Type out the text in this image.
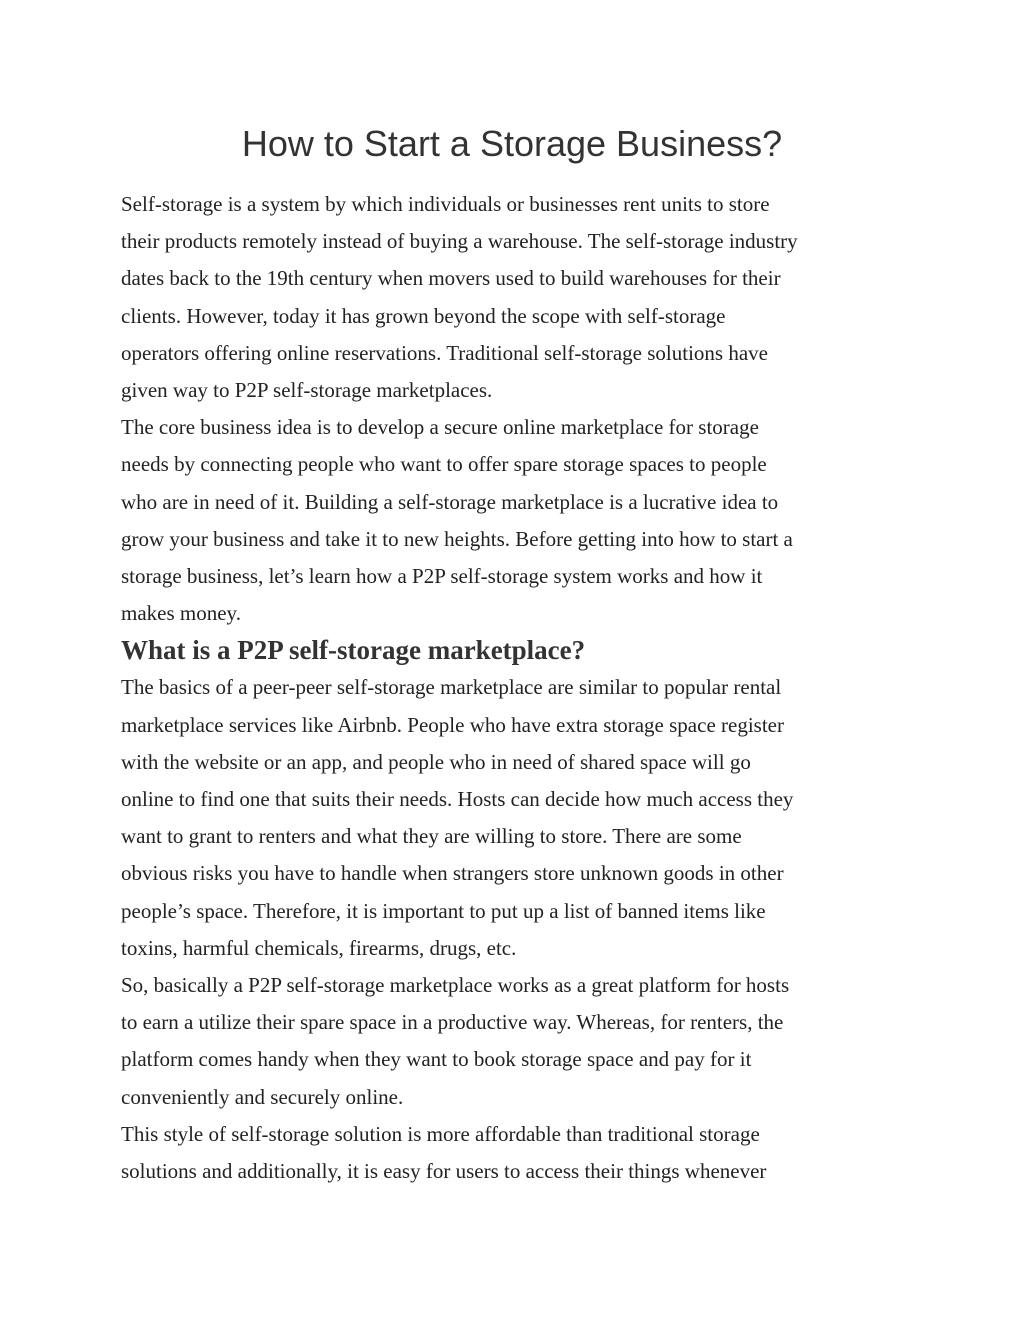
How to Start a Storage Business?
Self-storage is a system by which individuals or businesses rent units to store
their products remotely instead of buying a warehouse. The self-storage industry
dates back to the 19th century when movers used to build warehouses for their
clients. However, today it has grown beyond the scope with self-storage
operators offering online reservations. Traditional self-storage solutions have
given way to P2P self-storage marketplaces.
The core business idea is to develop a secure online marketplace for storage
needs by connecting people who want to offer spare storage spaces to people
who are in need of it. Building a self-storage marketplace is a lucrative idea to
grow your business and take it to new heights. Before getting into how to start a
storage business, let’s learn how a P2P self-storage system works and how it
makes money.
What is a P2P self-storage marketplace?
The basics of a peer-peer self-storage marketplace are similar to popular rental
marketplace services like Airbnb. People who have extra storage space register
with the website or an app, and people who in need of shared space will go
online to find one that suits their needs. Hosts can decide how much access they
want to grant to renters and what they are willing to store. There are some
obvious risks you have to handle when strangers store unknown goods in other
people’s space. Therefore, it is important to put up a list of banned items like
toxins, harmful chemicals, firearms, drugs, etc.
So, basically a P2P self-storage marketplace works as a great platform for hosts
to earn a utilize their spare space in a productive way. Whereas, for renters, the
platform comes handy when they want to book storage space and pay for it
conveniently and securely online.
This style of self-storage solution is more affordable than traditional storage
solutions and additionally, it is easy for users to access their things whenever
